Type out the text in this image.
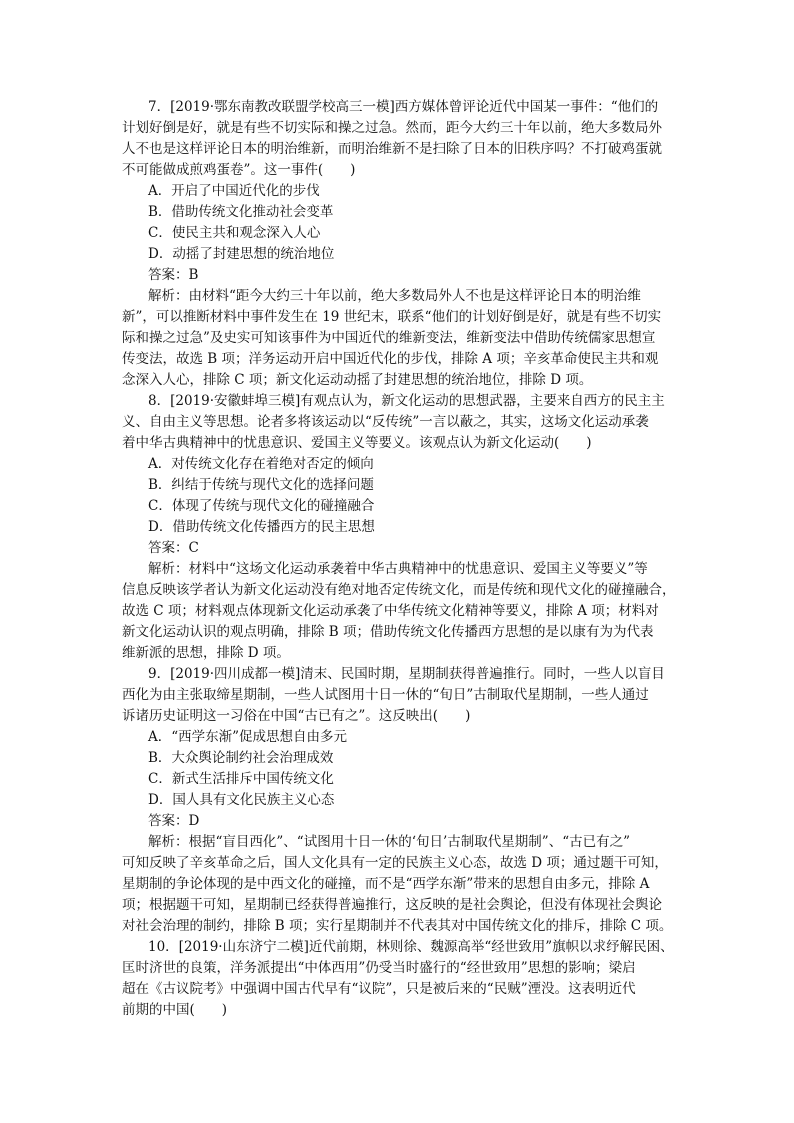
7．[2019·鄂东南教改联盟学校高三一模]西方媒体曾评论近代中国某一事件：“他们的
计划好倒是好，就是有些不切实际和操之过急。然而，距今大约三十年以前，绝大多数局外
人不也是这样评论日本的明治维新，而明治维新不是扫除了日本的旧秩序吗？不打破鸡蛋就
不可能做成煎鸡蛋卷”。这一事件(　　)
A．开启了中国近代化的步伐
B．借助传统文化推动社会变革
C．使民主共和观念深入人心
D．动摇了封建思想的统治地位
答案：B
解析：由材料“距今大约三十年以前，绝大多数局外人不也是这样评论日本的明治维
新”，可以推断材料中事件发生在 19 世纪末，联系“他们的计划好倒是好，就是有些不切实
际和操之过急”及史实可知该事件为中国近代的维新变法，维新变法中借助传统儒家思想宣
传变法，故选 B 项；洋务运动开启中国近代化的步伐，排除 A 项；辛亥革命使民主共和观
念深入人心，排除 C 项；新文化运动动摇了封建思想的统治地位，排除 D 项。
8．[2019·安徽蚌埠三模]有观点认为，新文化运动的思想武器，主要来自西方的民主主
义、自由主义等思想。论者多将该运动以“反传统”一言以蔽之，其实，这场文化运动承袭
着中华古典精神中的忧患意识、爱国主义等要义。该观点认为新文化运动(　　)
A．对传统文化存在着绝对否定的倾向
B．纠结于传统与现代文化的选择问题
C．体现了传统与现代文化的碰撞融合
D．借助传统文化传播西方的民主思想
答案：C
解析：材料中“这场文化运动承袭着中华古典精神中的忧患意识、爱国主义等要义”等
信息反映该学者认为新文化运动没有绝对地否定传统文化，而是传统和现代文化的碰撞融合，
故选 C 项；材料观点体现新文化运动承袭了中华传统文化精神等要义，排除 A 项；材料对
新文化运动认识的观点明确，排除 B 项；借助传统文化传播西方思想的是以康有为为代表
维新派的思想，排除 D 项。
9．[2019·四川成都一模]清末、民国时期，星期制获得普遍推行。同时，一些人以盲目
西化为由主张取缔星期制，一些人试图用十日一休的“旬日”古制取代星期制，一些人通过
诉诸历史证明这一习俗在中国“古已有之”。这反映出(　　)
A．“西学东渐”促成思想自由多元
B．大众舆论制约社会治理成效
C．新式生活排斥中国传统文化
D．国人具有文化民族主义心态
答案：D
解析：根据“盲目西化”、“试图用十日一休的‘旬日’古制取代星期制”、“古已有之”
可知反映了辛亥革命之后，国人文化具有一定的民族主义心态，故选 D 项；通过题干可知，
星期制的争论体现的是中西文化的碰撞，而不是“西学东渐”带来的思想自由多元，排除 A
项；根据题干可知，星期制已经获得普遍推行，这反映的是社会舆论，但没有体现社会舆论
对社会治理的制约，排除 B 项；实行星期制并不代表其对中国传统文化的排斥，排除 C 项。
10．[2019·山东济宁二模]近代前期，林则徐、魏源高举“经世致用”旗帜以求纾解民困、
匡时济世的良策，洋务派提出“中体西用”仍受当时盛行的“经世致用”思想的影响；梁启
超在《古议院考》中强调中国古代早有“议院”，只是被后来的“民贼”湮没。这表明近代
前期的中国(　　)
